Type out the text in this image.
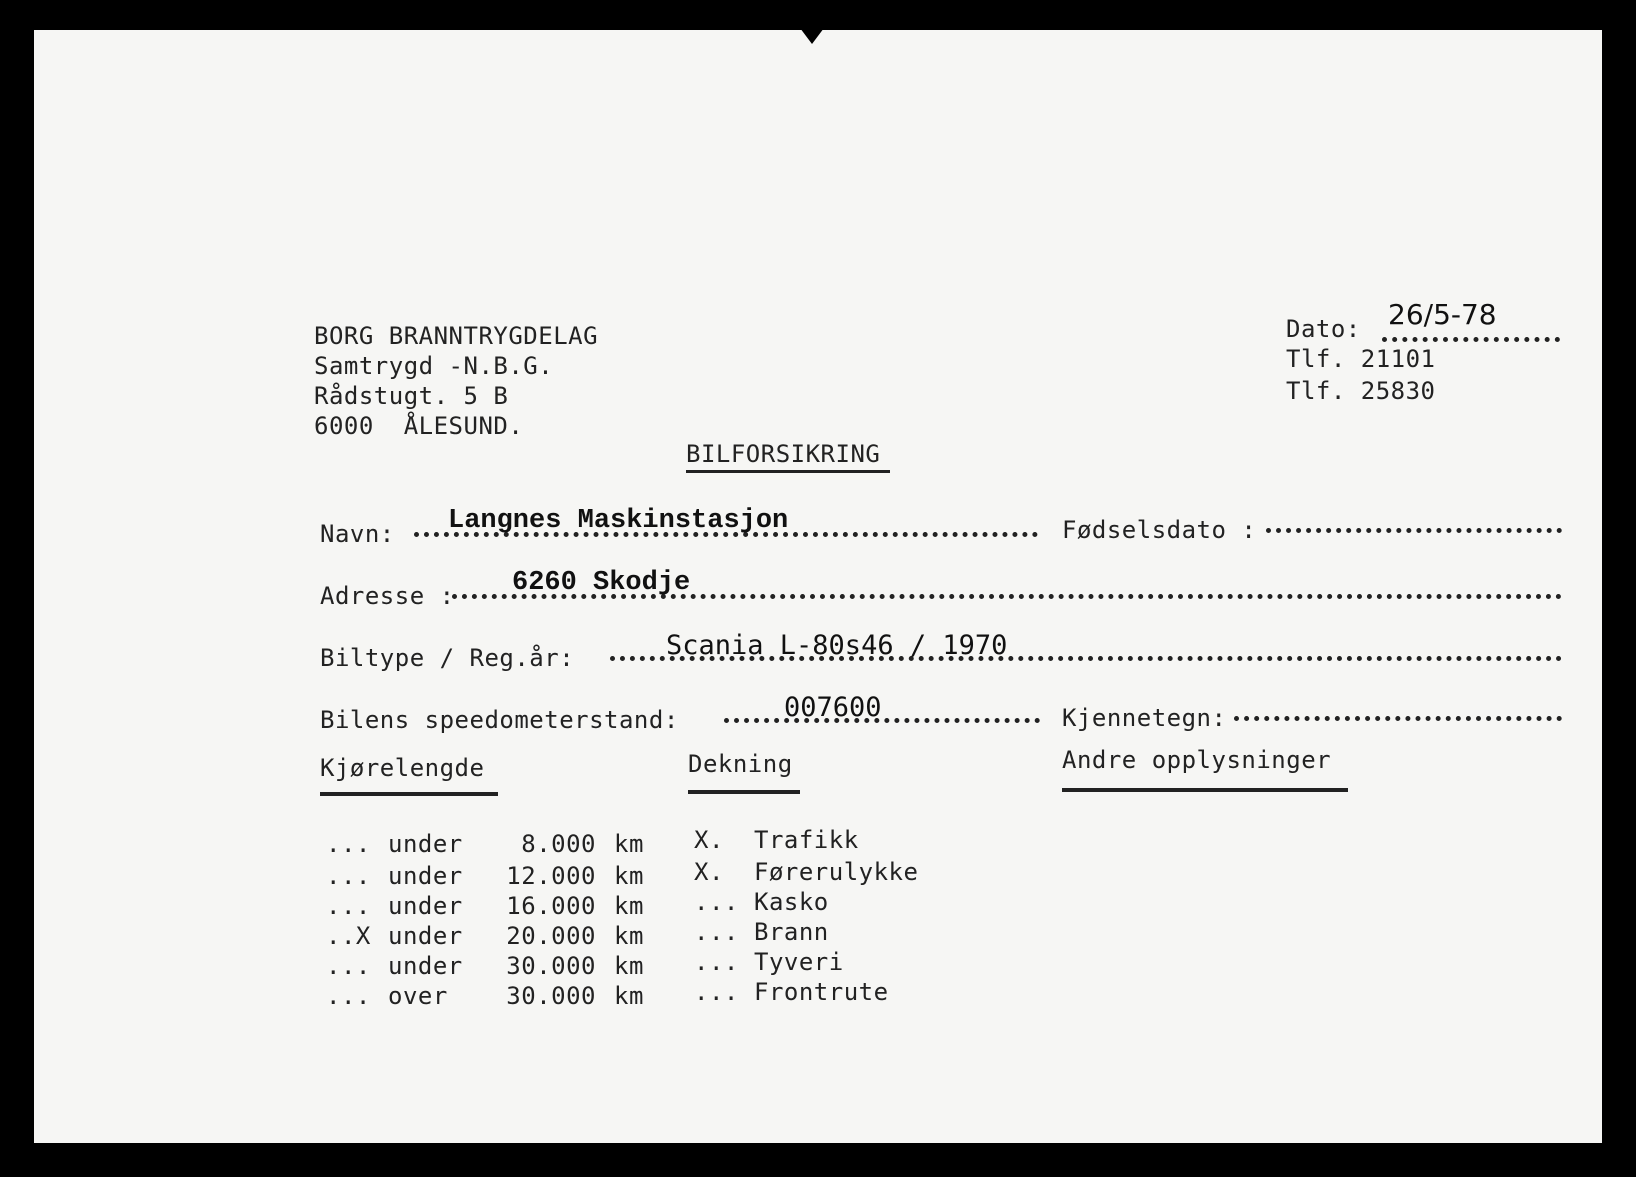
BORG BRANNTRYGDELAG
Samtrygd -N.B.G.
Rådstugt. 5 B
6000  ÅLESUND.
Dato: 26/5-78
Tlf. 21101
Tlf. 25830
BILFORSIKRING
Navn: Langnes Maskinstasjon	Fødselsdato :
Adresse : 6260 Skodje
Biltype / Reg.år:	Scania L-80s46 / 1970
Bilens speedometerstand:	007600	Kjennetegn:
Kjørelengde	Dekning	Andre opplysninger
... under	8.000 km
... under 12.000 km
... under 16.000 km
..X under 20.000 km
... under 30.000 km
... over 30.000 km
X. Trafikk
X. Førerulykke
... Kasko
... Brann
... Tyveri
... Frontrute
